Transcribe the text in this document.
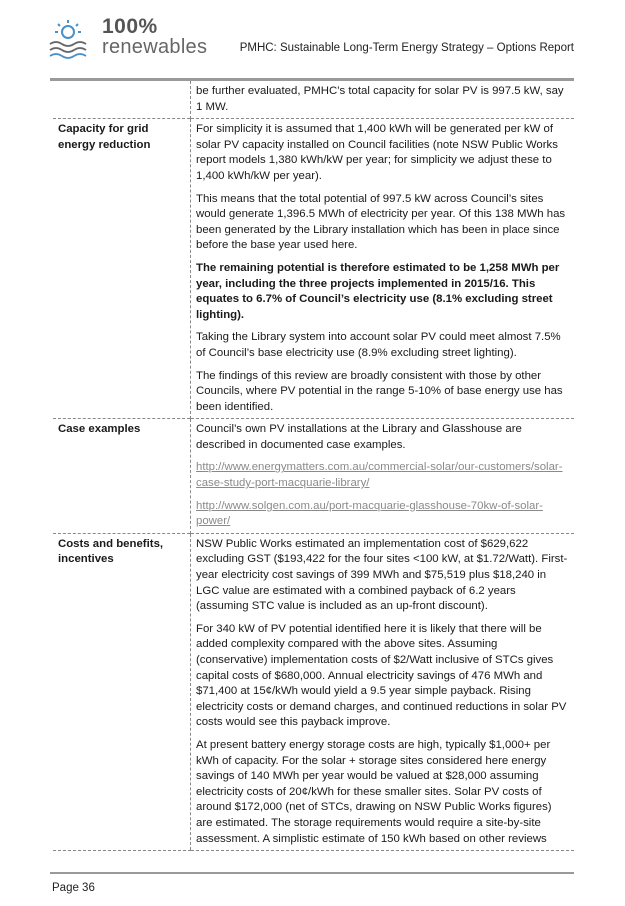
100%
renewables	PMHC: Sustainable Long-Term Energy Strategy – Options Report

	be further evaluated, PMHC’s total capacity for solar PV is 997.5 kW, say 1 MW.

Capacity for grid energy reduction	For simplicity it is assumed that 1,400 kWh will be generated per kW of solar PV capacity installed on Council facilities (note NSW Public Works report models 1,380 kWh/kW per year; for simplicity we adjust these to 1,400 kWh/kW per year).
This means that the total potential of 997.5 kW across Council’s sites would generate 1,396.5 MWh of electricity per year. Of this 138 MWh has been generated by the Library installation which has been in place since before the base year used here.
The remaining potential is therefore estimated to be 1,258 MWh per year, including the three projects implemented in 2015/16. This equates to 6.7% of Council’s electricity use (8.1% excluding street lighting).
Taking the Library system into account solar PV could meet almost 7.5% of Council’s base electricity use (8.9% excluding street lighting).
The findings of this review are broadly consistent with those by other Councils, where PV potential in the range 5-10% of base energy use has been identified.

Case examples	Council’s own PV installations at the Library and Glasshouse are described in documented case examples.
http://www.energymatters.com.au/commercial-solar/our-customers/solar-case-study-port-macquarie-library/
http://www.solgen.com.au/port-macquarie-glasshouse-70kw-of-solar-power/

Costs and benefits, incentives	NSW Public Works estimated an implementation cost of $629,622 excluding GST ($193,422 for the four sites <100 kW, at $1.72/Watt). First-year electricity cost savings of 399 MWh and $75,519 plus $18,240 in LGC value are estimated with a combined payback of 6.2 years (assuming STC value is included as an up-front discount).
For 340 kW of PV potential identified here it is likely that there will be added complexity compared with the above sites. Assuming (conservative) implementation costs of $2/Watt inclusive of STCs gives capital costs of $680,000. Annual electricity savings of 476 MWh and $71,400 at 15¢/kWh would yield a 9.5 year simple payback. Rising electricity costs or demand charges, and continued reductions in solar PV costs would see this payback improve.
At present battery energy storage costs are high, typically $1,000+ per kWh of capacity. For the solar + storage sites considered here energy savings of 140 MWh per year would be valued at $28,000 assuming electricity costs of 20¢/kWh for these smaller sites. Solar PV costs of around $172,000 (net of STCs, drawing on NSW Public Works figures) are estimated. The storage requirements would require a site-by-site assessment. A simplistic estimate of 150 kWh based on other reviews
Page 36
